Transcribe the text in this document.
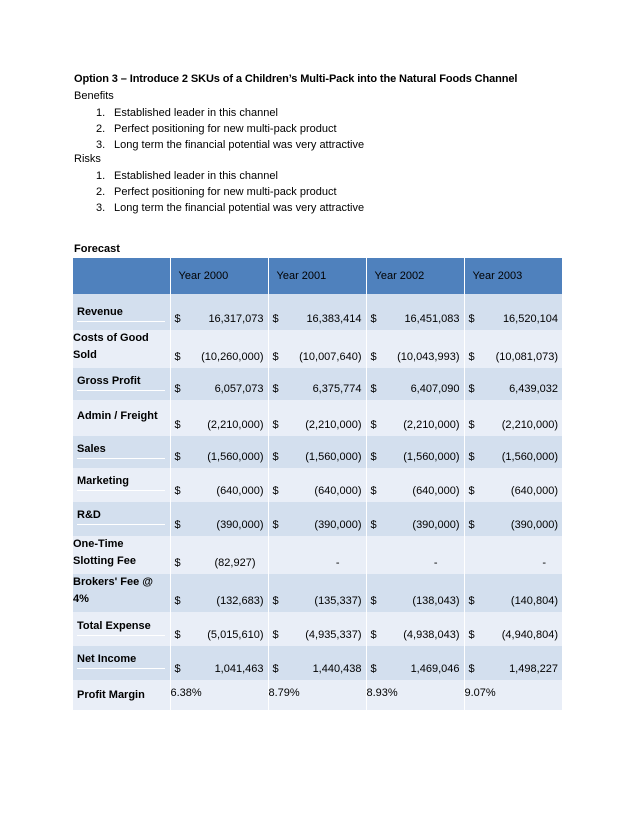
Option 3 – Introduce 2 SKUs of a Children’s Multi-Pack into the Natural Foods Channel
Benefits
1. Established leader in this channel
2. Perfect positioning for new multi-pack product
3. Long term the financial potential was very attractive
Risks
1. Established leader in this channel
2. Perfect positioning for new multi-pack product
3. Long term the financial potential was very attractive
Forecast
	Year 2000	Year 2001	Year 2002	Year 2003

Revenue	$ 16,317,073	$ 16,383,414	$ 16,451,083	$ 16,520,104

Costs of Good Sold	$ (10,260,000)	$ (10,007,640)	$ (10,043,993)	$ (10,081,073)

Gross Profit	$ 6,057,073	$ 6,375,774	$ 6,407,090	$ 6,439,032

Admin / Freight	$ (2,210,000)	$ (2,210,000)	$ (2,210,000)	$ (2,210,000)

Sales	$ (1,560,000)	$ (1,560,000)	$ (1,560,000)	$ (1,560,000)

Marketing	$ (640,000)	$ (640,000)	$ (640,000)	$ (640,000)

R&D	$ (390,000)	$ (390,000)	$ (390,000)	$ (390,000)

One-Time Slotting Fee	$ (82,927)	-	-	-

Brokers' Fee @ 4%	$ (132,683)	$ (135,337)	$ (138,043)	$ (140,804)

Total Expense	$ (5,015,610)	$ (4,935,337)	$ (4,938,043)	$ (4,940,804)

Net Income	$ 1,041,463	$ 1,440,438	$ 1,469,046	$ 1,498,227

Profit Margin	6.38%	8.79%	8.93%	9.07%
